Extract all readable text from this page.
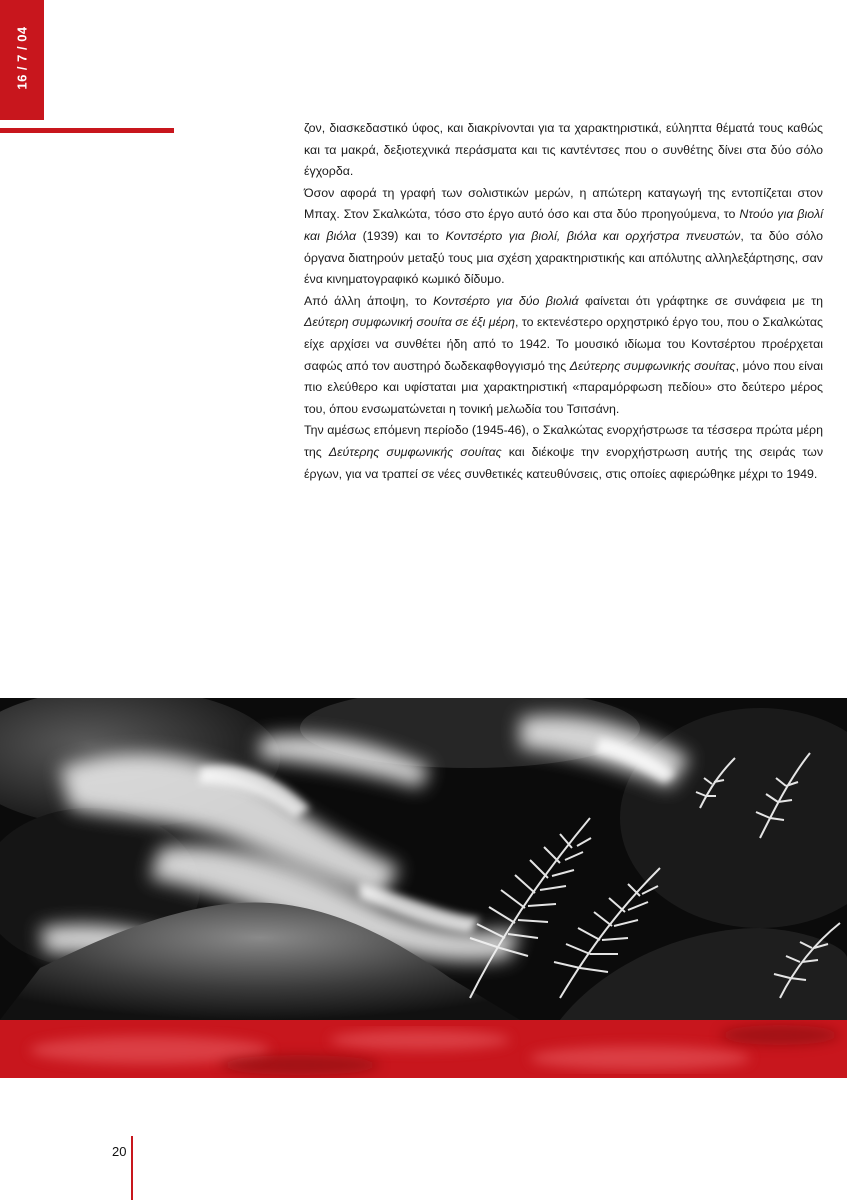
16 / 7 / 04

ζον, διασκεδαστικό ύφος, και διακρίνονται για τα χαρακτηριστικά, εύληπτα θέματά τους καθώς και τα μακρά, δεξιοτεχνικά περάσματα και τις καντέντσες που ο συνθέτης δίνει στα δύο σόλο έγχορδα.

Όσον αφορά τη γραφή των σολιστικών μερών, η απώτερη καταγωγή της εντοπίζεται στον Μπαχ. Στον Σκαλκώτα, τόσο στο έργο αυτό όσο και στα δύο προηγούμενα, το Ντούο για βιολί και βιόλα (1939) και το Κοντσέρτο για βιολί, βιόλα και ορχήστρα πνευστών, τα δύο σόλο όργανα διατηρούν μεταξύ τους μια σχέση χαρακτηριστικής και απόλυτης αλληλεξάρτησης, σαν ένα κινηματογραφικό κωμικό δίδυμο.

Από άλλη άποψη, το Κοντσέρτο για δύο βιολιά φαίνεται ότι γράφτηκε σε συνάφεια με τη Δεύτερη συμφωνική σουίτα σε έξι μέρη, το εκτενέστερο ορχηστρικό έργο του, που ο Σκαλκώτας είχε αρχίσει να συνθέτει ήδη από το 1942. Το μουσικό ιδίωμα του Κοντσέρτου προέρχεται σαφώς από τον αυστηρό δωδεκαφθογγισμό της Δεύτερης συμφωνικής σουίτας, μόνο που είναι πιο ελεύθερο και υφίσταται μια χαρακτηριστική «παραμόρφωση πεδίου» στο δεύτερο μέρος του, όπου ενσωματώνεται η τονική μελωδία του Τσιτσάνη.

Την αμέσως επόμενη περίοδο (1945-46), ο Σκαλκώτας ενορχήστρωσε τα τέσσερα πρώτα μέρη της Δεύτερης συμφωνικής σουίτας και διέκοψε την ενορχήστρωση αυτής της σειράς των έργων, για να τραπεί σε νέες συνθετικές κατευθύνσεις, στις οποίες αφιερώθηκε μέχρι το 1949.

20
